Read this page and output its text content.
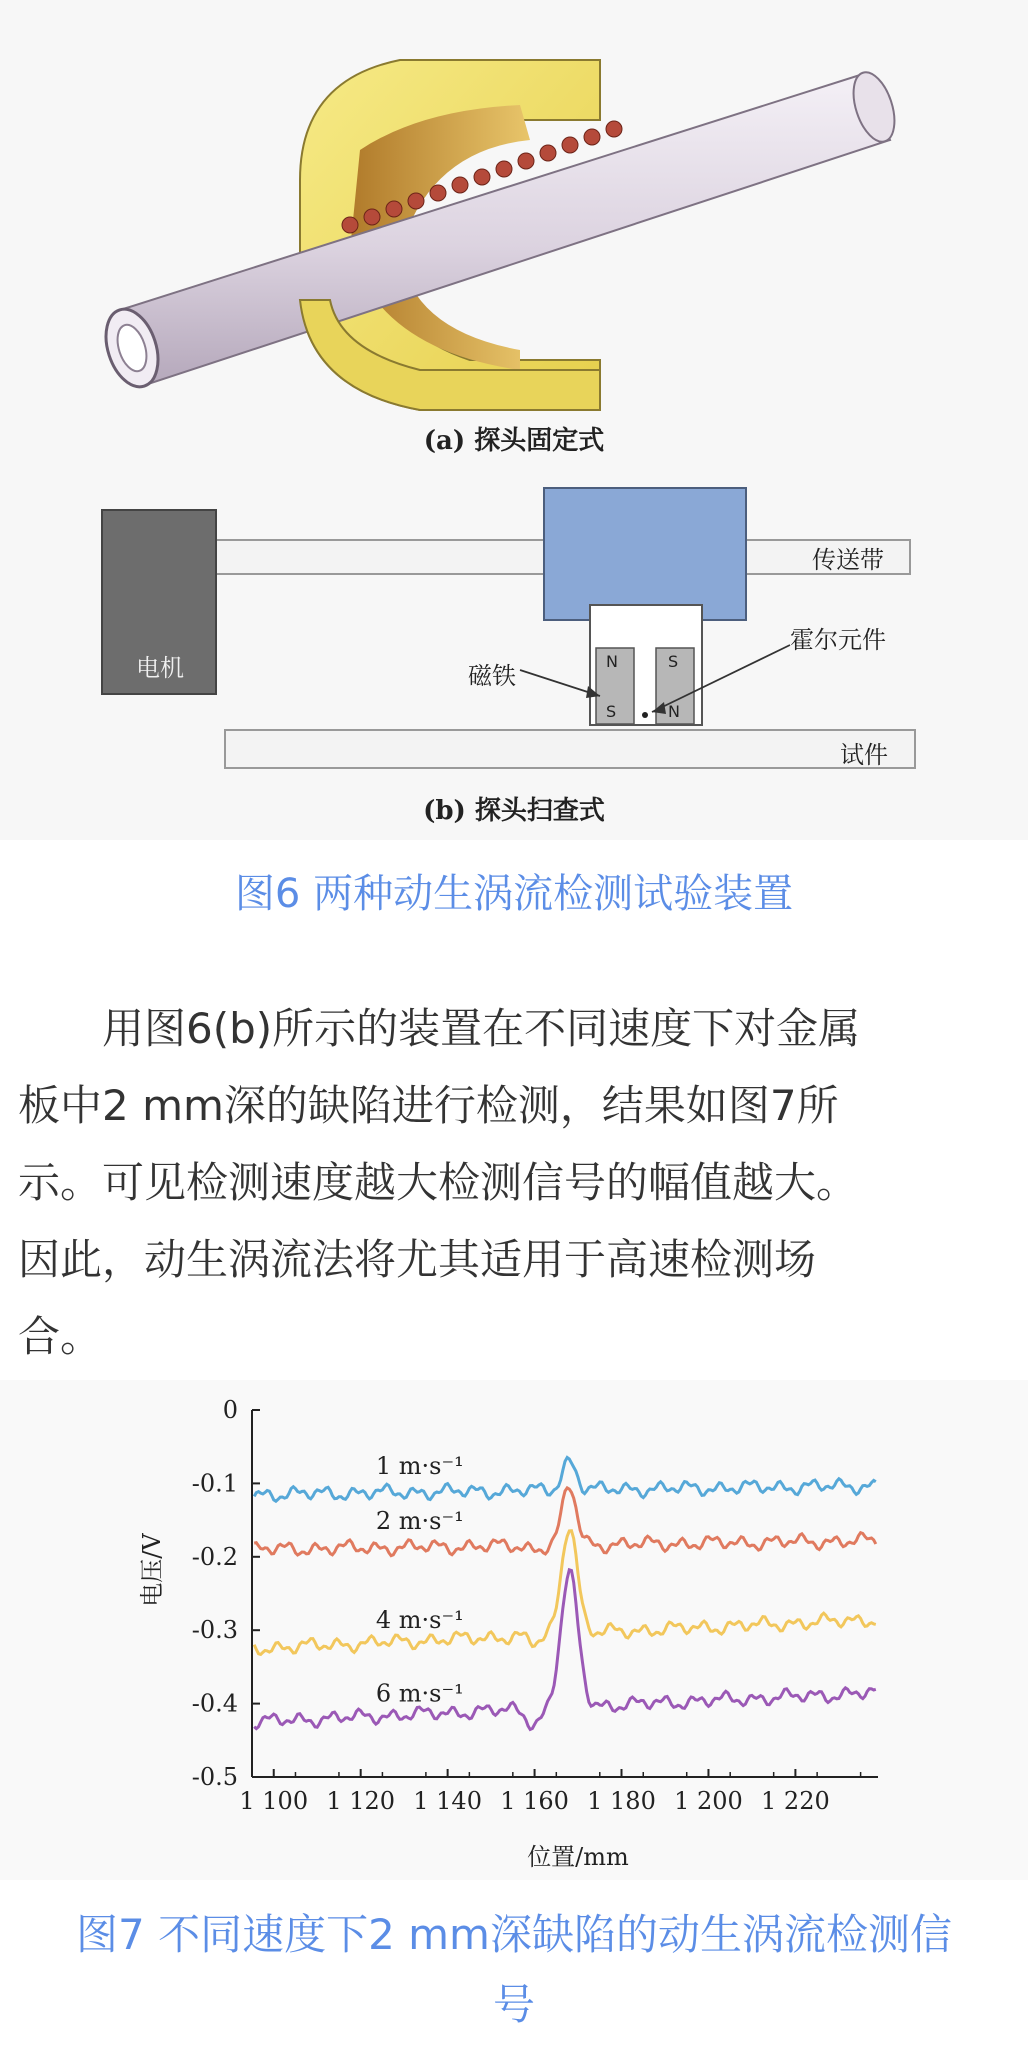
(a) 探头固定式
电机
传送带
磁铁
霍尔元件
试件
N	S
S	N
(b) 探头扫查式
图6 两种动生涡流检测试验装置
　　用图6(b)所示的装置在不同速度下对金属
板中2 mm深的缺陷进行检测，结果如图7所
示。可见检测速度越大检测信号的幅值越大。
因此，动生涡流法将尤其适用于高速检测场
合。
1 m·s⁻¹
2 m·s⁻¹
4 m·s⁻¹
6 m·s⁻¹
0
-0.1
-0.2
-0.3
-0.4
-0.5
1 100 1 120 1 140 1 160 1 180 1 200 1 220
电压/V
位置/mm
图7 不同速度下2 mm深缺陷的动生涡流检测信
号
